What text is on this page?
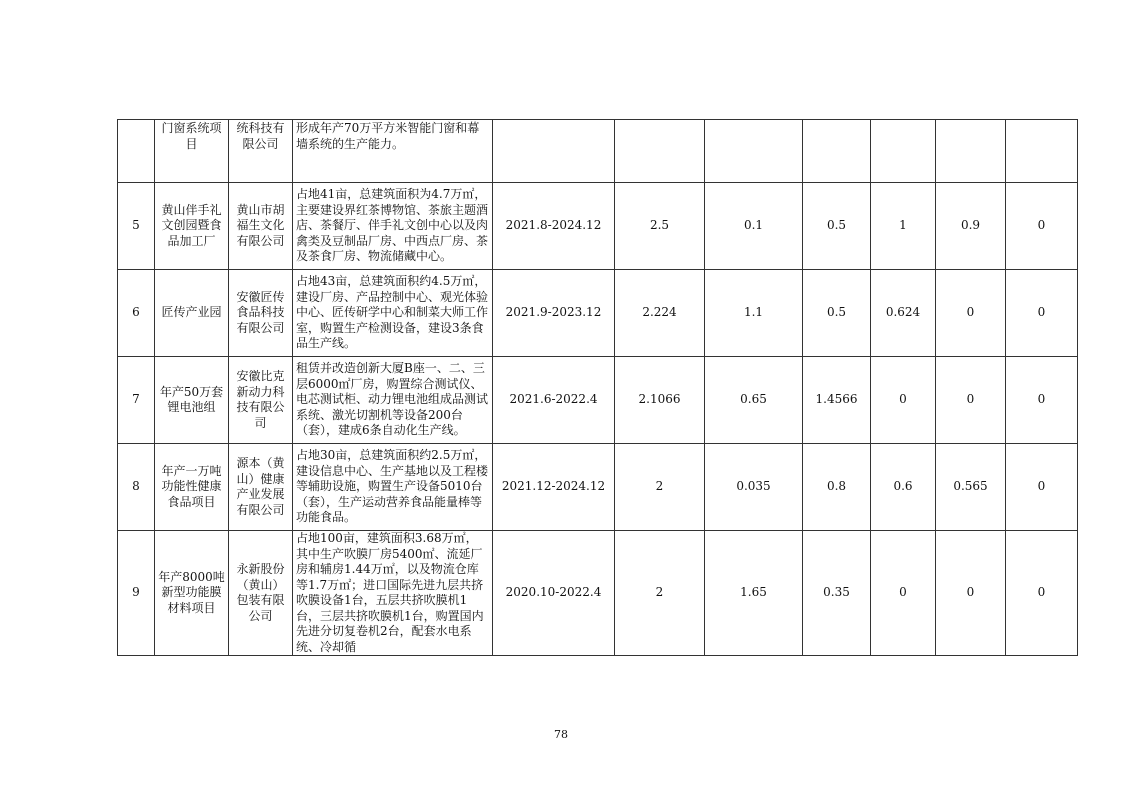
	门窗系统项目	统科技有限公司	形成年产70万平方米智能门窗和幕墙系统的生产能力。							
5	黄山伴手礼文创园暨食品加工厂	黄山市胡福生文化有限公司	占地41亩，总建筑面积为4.7万㎡，主要建设界红茶博物馆、茶旅主题酒店、茶餐厅、伴手礼文创中心以及肉禽类及豆制品厂房、中西点厂房、茶及茶食厂房、物流储藏中心。	2021.8-2024.12	2.5	0.1	0.5	1	0.9	0
6	匠传产业园	安徽匠传食品科技有限公司	占地43亩，总建筑面积约4.5万㎡，建设厂房、产品控制中心、观光体验中心、匠传研学中心和制菜大师工作室，购置生产检测设备，建设3条食品生产线。	2021.9-2023.12	2.224	1.1	0.5	0.624	0	0
7	年产50万套锂电池组	安徽比克新动力科技有限公司	租赁并改造创新大厦B座一、二、三层6000㎡厂房，购置综合测试仪、电芯测试柜、动力锂电池组成品测试系统、激光切割机等设备200台（套），建成6条自动化生产线。	2021.6-2022.4	2.1066	0.65	1.4566	0	0	0
8	年产一万吨功能性健康食品项目	源本（黄山）健康产业发展有限公司	占地30亩，总建筑面积约2.5万㎡，建设信息中心、生产基地以及工程楼等辅助设施，购置生产设备5010台（套），生产运动营养食品能量棒等功能食品。	2021.12-2024.12	2	0.035	0.8	0.6	0.565	0
9	年产8000吨新型功能膜材料项目	永新股份（黄山）包装有限公司	占地100亩，建筑面积3.68万㎡，其中生产吹膜厂房5400㎡、流延厂房和辅房1.44万㎡，以及物流仓库等1.7万㎡；进口国际先进九层共挤吹膜设备1台，五层共挤吹膜机1台，三层共挤吹膜机1台，购置国内先进分切复卷机2台，配套水电系统、冷却循	2020.10-2022.4	2	1.65	0.35	0	0	0
78
